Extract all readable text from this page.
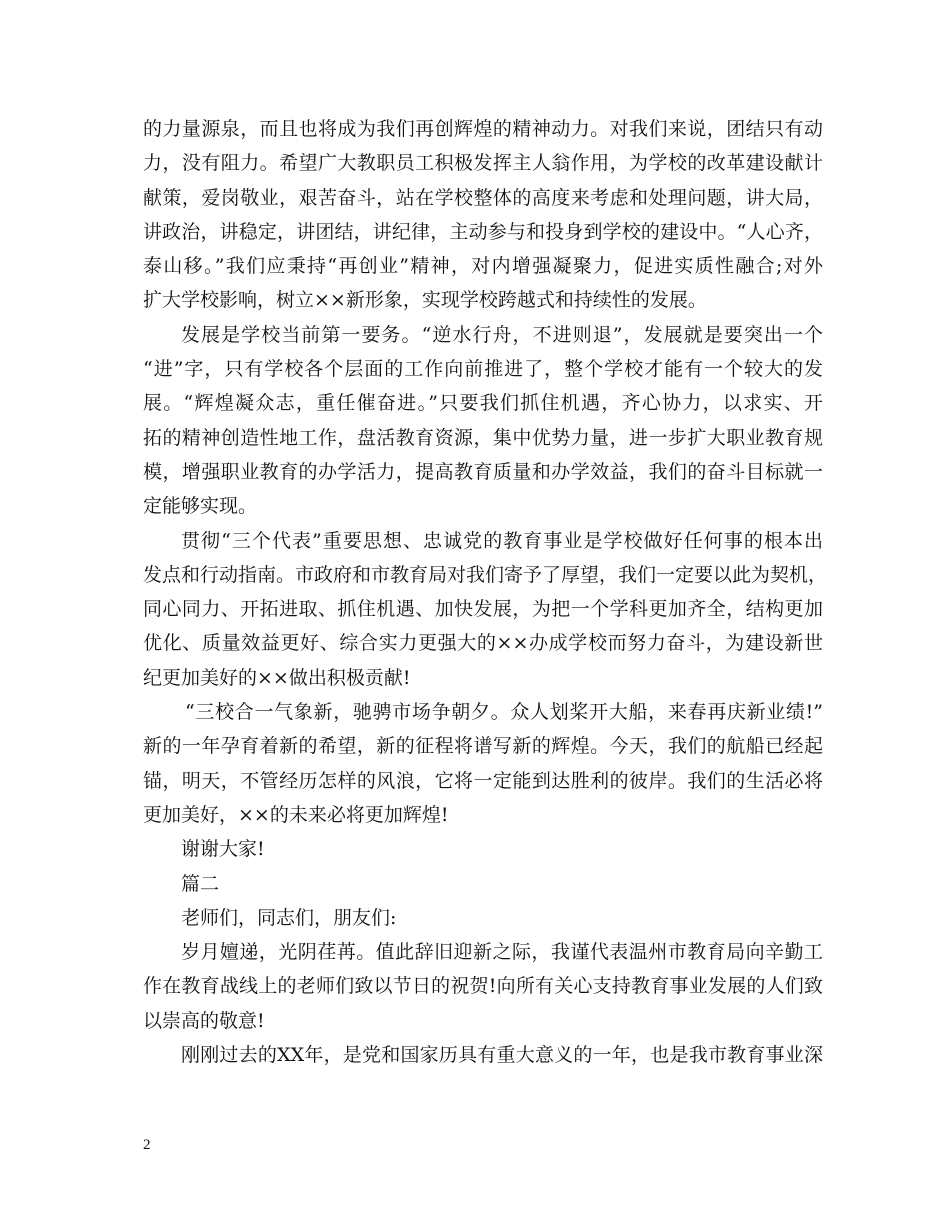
的力量源泉，而且也将成为我们再创辉煌的精神动力。对我们来说，团结只有动
力，没有阻力。希望广大教职员工积极发挥主人翁作用，为学校的改革建设献计
献策，爱岗敬业，艰苦奋斗，站在学校整体的高度来考虑和处理问题，讲大局，
讲政治，讲稳定，讲团结，讲纪律，主动参与和投身到学校的建设中。“人心齐，
泰山移。”我们应秉持“再创业”精神，对内增强凝聚力，促进实质性融合;对外
扩大学校影响，树立××新形象，实现学校跨越式和持续性的发展。
发展是学校当前第一要务。“逆水行舟，不进则退”，发展就是要突出一个
“进”字，只有学校各个层面的工作向前推进了，整个学校才能有一个较大的发
展。“辉煌凝众志，重任催奋进。”只要我们抓住机遇，齐心协力，以求实、开
拓的精神创造性地工作，盘活教育资源，集中优势力量，进一步扩大职业教育规
模，增强职业教育的办学活力，提高教育质量和办学效益，我们的奋斗目标就一
定能够实现。
贯彻“三个代表”重要思想、忠诚党的教育事业是学校做好任何事的根本出
发点和行动指南。市政府和市教育局对我们寄予了厚望，我们一定要以此为契机，
同心同力、开拓进取、抓住机遇、加快发展，为把一个学科更加齐全，结构更加
优化、质量效益更好、综合实力更强大的××办成学校而努力奋斗，为建设新世
纪更加美好的××做出积极贡献!
“三校合一气象新，驰骋市场争朝夕。众人划桨开大船，来春再庆新业绩!”
新的一年孕育着新的希望，新的征程将谱写新的辉煌。今天，我们的航船已经起
锚，明天，不管经历怎样的风浪，它将一定能到达胜利的彼岸。我们的生活必将
更加美好，××的未来必将更加辉煌!
谢谢大家!
篇二
老师们，同志们，朋友们:
岁月嬗递，光阴荏苒。值此辞旧迎新之际，我谨代表温州市教育局向辛勤工
作在教育战线上的老师们致以节日的祝贺!向所有关心支持教育事业发展的人们致
以崇高的敬意!
刚刚过去的XX年，是党和国家历具有重大意义的一年，也是我市教育事业深
2
